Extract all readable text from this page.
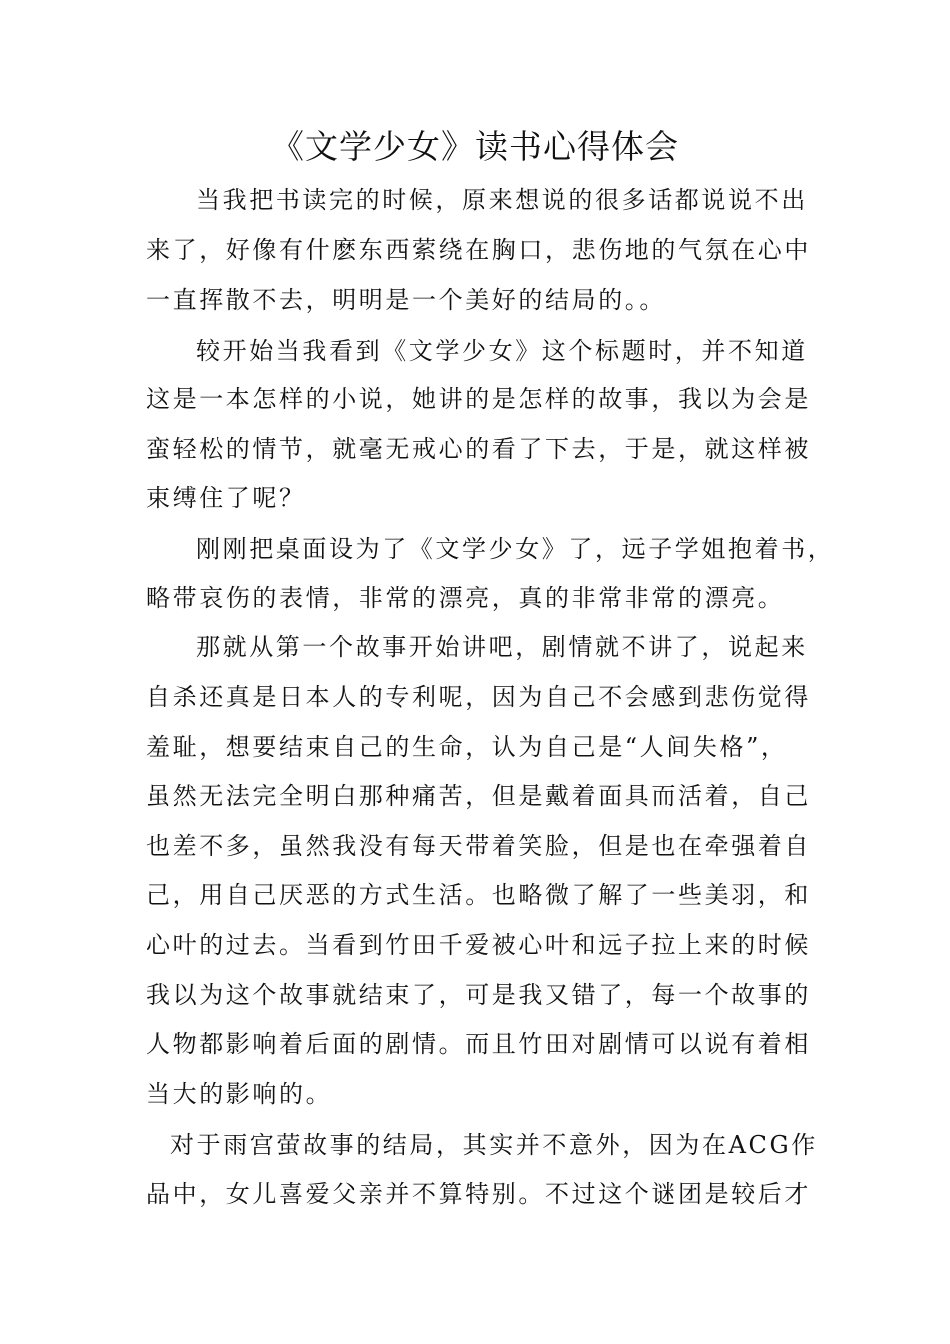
《文学少女》读书心得体会
当我把书读完的时候，原来想说的很多话都说说不出
来了，好像有什麽东西萦绕在胸口，悲伤地的气氛在心中
一直挥散不去，明明是一个美好的结局的。。
较开始当我看到《文学少女》这个标题时，并不知道
这是一本怎样的小说，她讲的是怎样的故事，我以为会是
蛮轻松的情节，就毫无戒心的看了下去，于是，就这样被
束缚住了呢？
刚刚把桌面设为了《文学少女》了，远子学姐抱着书，
略带哀伤的表情，非常的漂亮，真的非常非常的漂亮。
那就从第一个故事开始讲吧，剧情就不讲了，说起来
自杀还真是日本人的专利呢，因为自己不会感到悲伤觉得
羞耻，想要结束自己的生命，认为自己是“人间失格”，
虽然无法完全明白那种痛苦，但是戴着面具而活着，自己
也差不多，虽然我没有每天带着笑脸，但是也在牵强着自
己，用自己厌恶的方式生活。也略微了解了一些美羽，和
心叶的过去。当看到竹田千爱被心叶和远子拉上来的时候
我以为这个故事就结束了，可是我又错了，每一个故事的
人物都影响着后面的剧情。而且竹田对剧情可以说有着相
当大的影响的。
对于雨宫萤故事的结局，其实并不意外，因为在ACG作
品中，女儿喜爱父亲并不算特别。不过这个谜团是较后才
